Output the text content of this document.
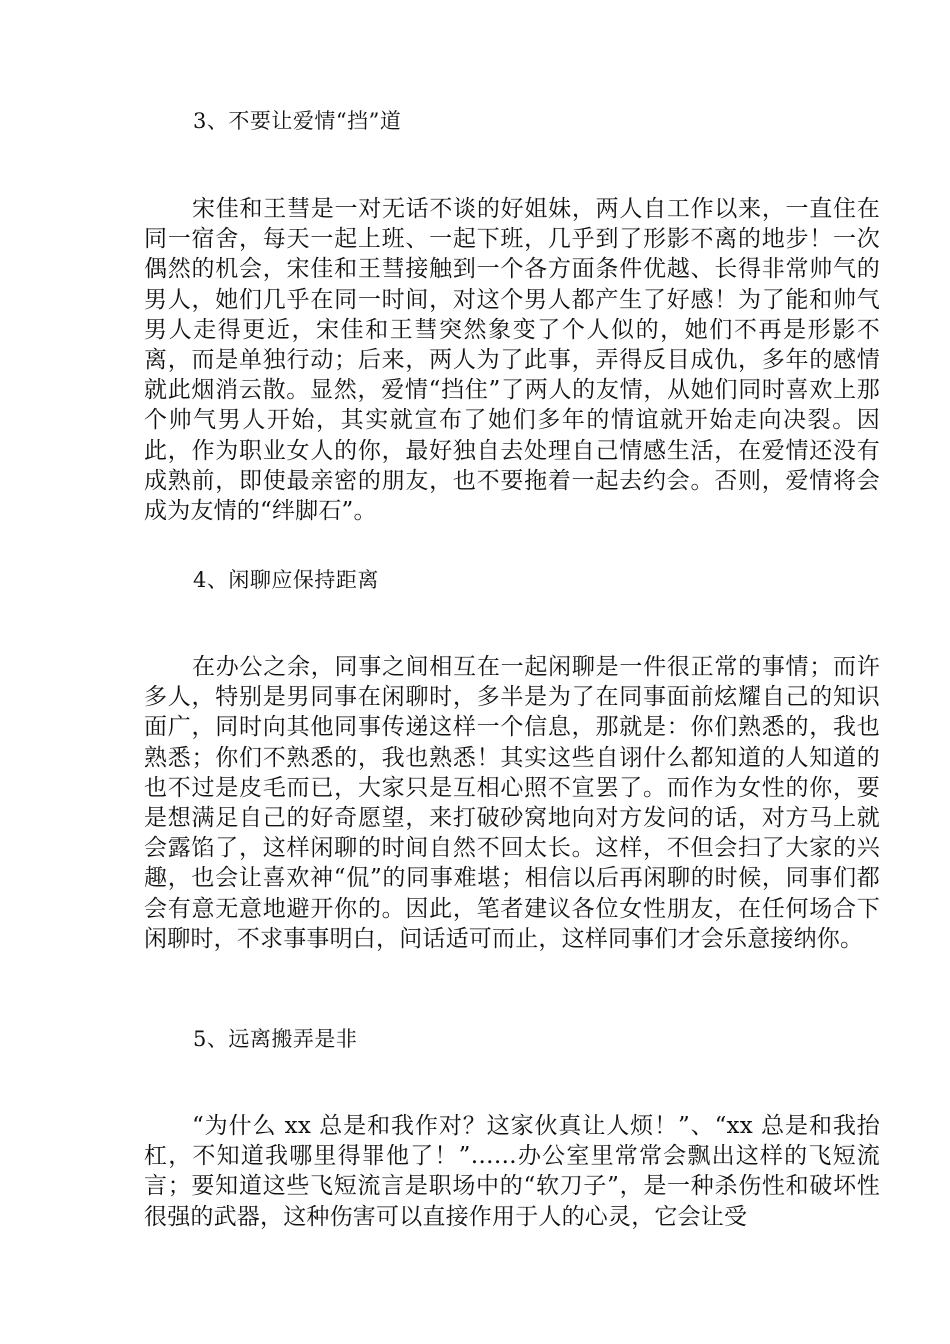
3、不要让爱情“挡”道

宋佳和王彗是一对无话不谈的好姐妹，两人自工作以来，一直住在同一宿舍，每天一起上班、一起下班，几乎到了形影不离的地步！一次偶然的机会，宋佳和王彗接触到一个各方面条件优越、长得非常帅气的男人，她们几乎在同一时间，对这个男人都产生了好感！为了能和帅气男人走得更近，宋佳和王彗突然象变了个人似的，她们不再是形影不离，而是单独行动；后来，两人为了此事，弄得反目成仇，多年的感情就此烟消云散。显然，爱情“挡住”了两人的友情，从她们同时喜欢上那个帅气男人开始，其实就宣布了她们多年的情谊就开始走向决裂。因此，作为职业女人的你，最好独自去处理自己情感生活，在爱情还没有成熟前，即使最亲密的朋友，也不要拖着一起去约会。否则，爱情将会成为友情的“绊脚石”。

4、闲聊应保持距离

在办公之余，同事之间相互在一起闲聊是一件很正常的事情；而许多人，特别是男同事在闲聊时，多半是为了在同事面前炫耀自己的知识面广，同时向其他同事传递这样一个信息，那就是：你们熟悉的，我也熟悉；你们不熟悉的，我也熟悉！其实这些自诩什么都知道的人知道的也不过是皮毛而已，大家只是互相心照不宣罢了。而作为女性的你，要是想满足自己的好奇愿望，来打破砂窝地向对方发问的话，对方马上就会露馅了，这样闲聊的时间自然不回太长。这样，不但会扫了大家的兴趣，也会让喜欢神“侃”的同事难堪；相信以后再闲聊的时候，同事们都会有意无意地避开你的。因此，笔者建议各位女性朋友，在任何场合下闲聊时，不求事事明白，问话适可而止，这样同事们才会乐意接纳你。

5、远离搬弄是非

“为什么 xx 总是和我作对？这家伙真让人烦！”、“xx 总是和我抬杠，不知道我哪里得罪他了！”……办公室里常常会飘出这样的飞短流言；要知道这些飞短流言是职场中的“软刀子”，是一种杀伤性和破坏性很强的武器，这种伤害可以直接作用于人的心灵，它会让受
